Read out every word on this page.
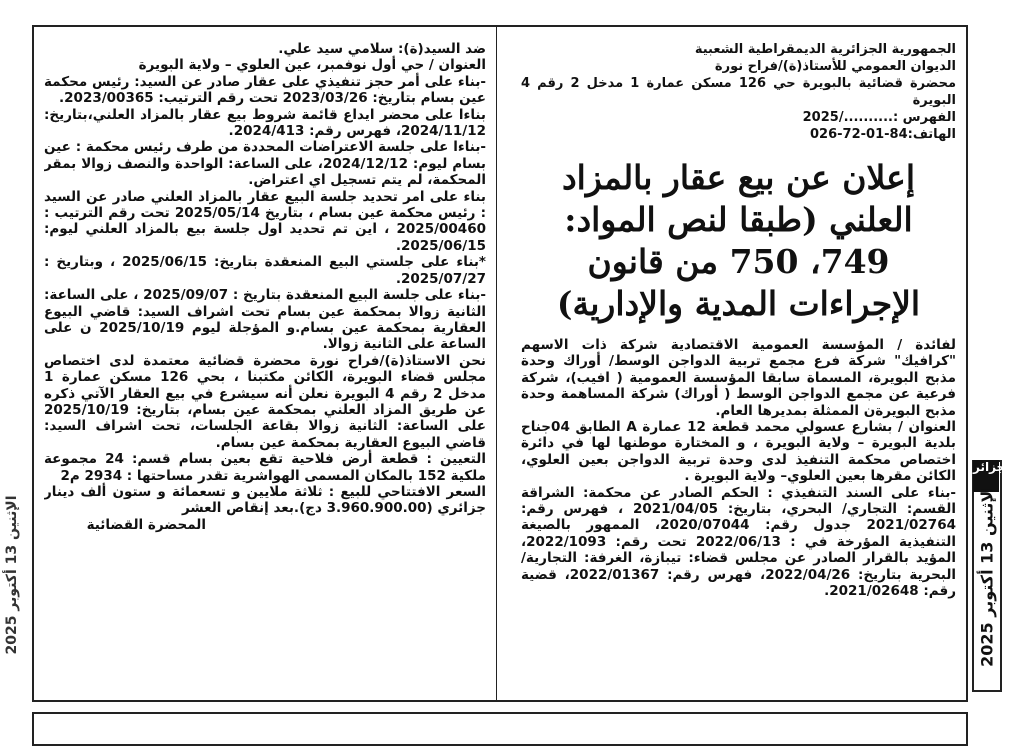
الجمهورية الجزائرية الديمقراطية الشعبية

الديوان العمومي للأستاذ(ة)/فراح نورة

محضرة قضائية بالبويرة حي 126 مسكن عمارة 1 مدخل 2 رقم 4 البويرة

الفهرس :........../2025

الهاتف:84-01-72-026

إعلان عن بيع عقار بالمزاد العلني (طبقا لنص المواد: 749، 750 من قانون الإجراءات المدية والإدارية)

لفائدة / المؤسسة العمومية الاقتصادية شركة ذات الاسهم "كرافيك" شركة فرع مجمع تربية الدواجن الوسط/ أوراك وحدة مذبح البويرة، المسماة سابقا المؤسسة العمومية ( افيب)، شركة فرعية عن مجمع الدواجن الوسط ( أوراك) شركة المساهمة وحدة مذبح البويرةن الممثلة بمديرها العام.

العنوان / بشارع عسولي محمد قطعة 12 عمارة A الطابق 04جناح بلدية البويرة – ولاية البويرة ، و المختارة موطنها لها في دائرة اختصاص محكمة التنفيذ لدى وحدة تربية الدواجن بعين العلوي، الكائن مقرها بعين العلوي– ولاية البويرة .

-بناء على السند التنفيذي : الحكم الصادر عن محكمة: الشراقة القسم: التجاري/ البحري، بتاريخ: 2021/04/05 ، فهرس رقم: 2021/02764 جدول رقم: 2020/07044، الممهور بالصيغة التنفيذية المؤرخة في : 2022/06/13 تحت رقم: 2022/1093، المؤيد بالقرار الصادر عن مجلس قضاء: تيبازة، الغرفة: التجارية/البحرية بتاريخ: 2022/04/26، فهرس رقم: 2022/01367، قضية رقم: 2021/02648.

ضد السيد(ة): سلامي سيد علي.

العنوان / حي أول نوفمبر، عين العلوي – ولاية البويرة

-بناء على أمر حجز تنفيذي على عقار صادر عن السيد: رئيس محكمة عين بسام بتاريخ: 2023/03/26 تحت رقم الترتيب: 2023/00365.

بناءا على محضر ايداع قائمة شروط بيع عقار بالمزاد العلني،بتاريخ: 2024/11/12، فهرس رقم: 2024/413.

-بناءا على جلسة الاعتراضات المحددة من طرف رئيس محكمة : عين بسام ليوم: 2024/12/12، على الساعة: الواحدة والنصف زوالا بمقر المحكمة، لم يتم تسجيل اي اعتراض.

بناء على امر تحديد جلسة البيع عقار بالمزاد العلني صادر عن السيد : رئيس محكمة عين بسام ، بتاريخ 2025/05/14 تحت رقم الترتيب : 2025/00460 ، اين تم تحديد اول جلسة بيع بالمزاد العلني ليوم: 2025/06/15.

*بناء على جلستي البيع المنعقدة بتاريخ: 2025/06/15 ، وبتاريخ : 2025/07/27.

-بناء على جلسة البيع المنعقدة بتاريخ : 2025/09/07 ، على الساعة: الثانية زوالا بمحكمة عين بسام تحت اشراف السيد: قاضي البيوع العقارية بمحكمة عين بسام.و المؤجلة ليوم 2025/10/19 ن على الساعة على الثانية زوالا.

نحن الاستاذ(ة)/فراح نورة محضرة قضائية معتمدة لدى اختصاص مجلس قضاء البويرة، الكائن مكتبنا ، بحي 126 مسكن عمارة 1 مدخل 2 رقم 4 البويرة نعلن أنه سيشرع في بيع العقار الآتي ذكره عن طريق المزاد العلني بمحكمة عين بسام، بتاريخ: 2025/10/19 على الساعة: الثانية زوالا بقاعة الجلسات، تحت اشراف السيد: قاضي البيوع العقارية بمحكمة عين بسام.

التعيين : قطعة أرض فلاحية تقع بعين بسام قسم: 24 مجموعة ملكية 152 بالمكان المسمى الهواشرية تقدر مساحتها : 2934 م2

السعر الافتتاحي للبيع : ثلاثة ملايين و تسعمائة و ستون ألف دينار جزائري (3.960.900.00 دج).بعد إنقاص العشر

المحضرة القضائية

الجزائر
الإثنين 13 أكتوبر 2025
الإثنين 13 أكتوبر 2025
